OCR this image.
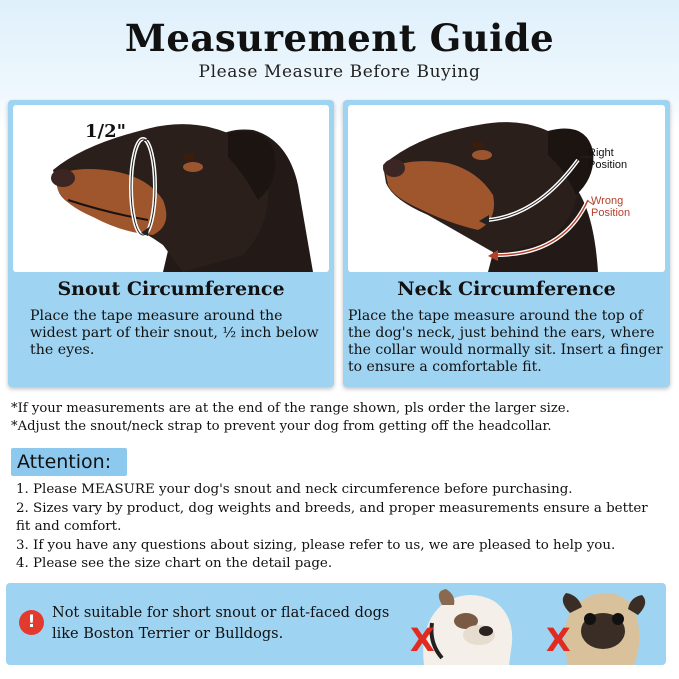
Measurement Guide
Please Measure Before Buying
1/2"
Snout Circumference
Place the tape measure around the widest part of their snout, ½ inch below the eyes.
Right Position
Wrong Position
Neck Circumference
Place the tape measure around the top of the dog's neck, just behind the ears, where the collar would normally sit. Insert a finger to ensure a comfortable fit.
*If your measurements are at the end of the range shown, pls order the larger size.
*Adjust the snout/neck strap to prevent your dog from getting off the headcollar.
Attention:
1. Please MEASURE your dog's snout and neck circumference before purchasing.
2. Sizes vary by product, dog weights and breeds, and proper measurements ensure a better fit and comfort.
3. If you have any questions about sizing, please refer to us, we are pleased to help you.
4. Please see the size chart on the detail page.
!	Not suitable for short snout or flat-faced dogs like Boston Terrier or Bulldogs.	X	X
